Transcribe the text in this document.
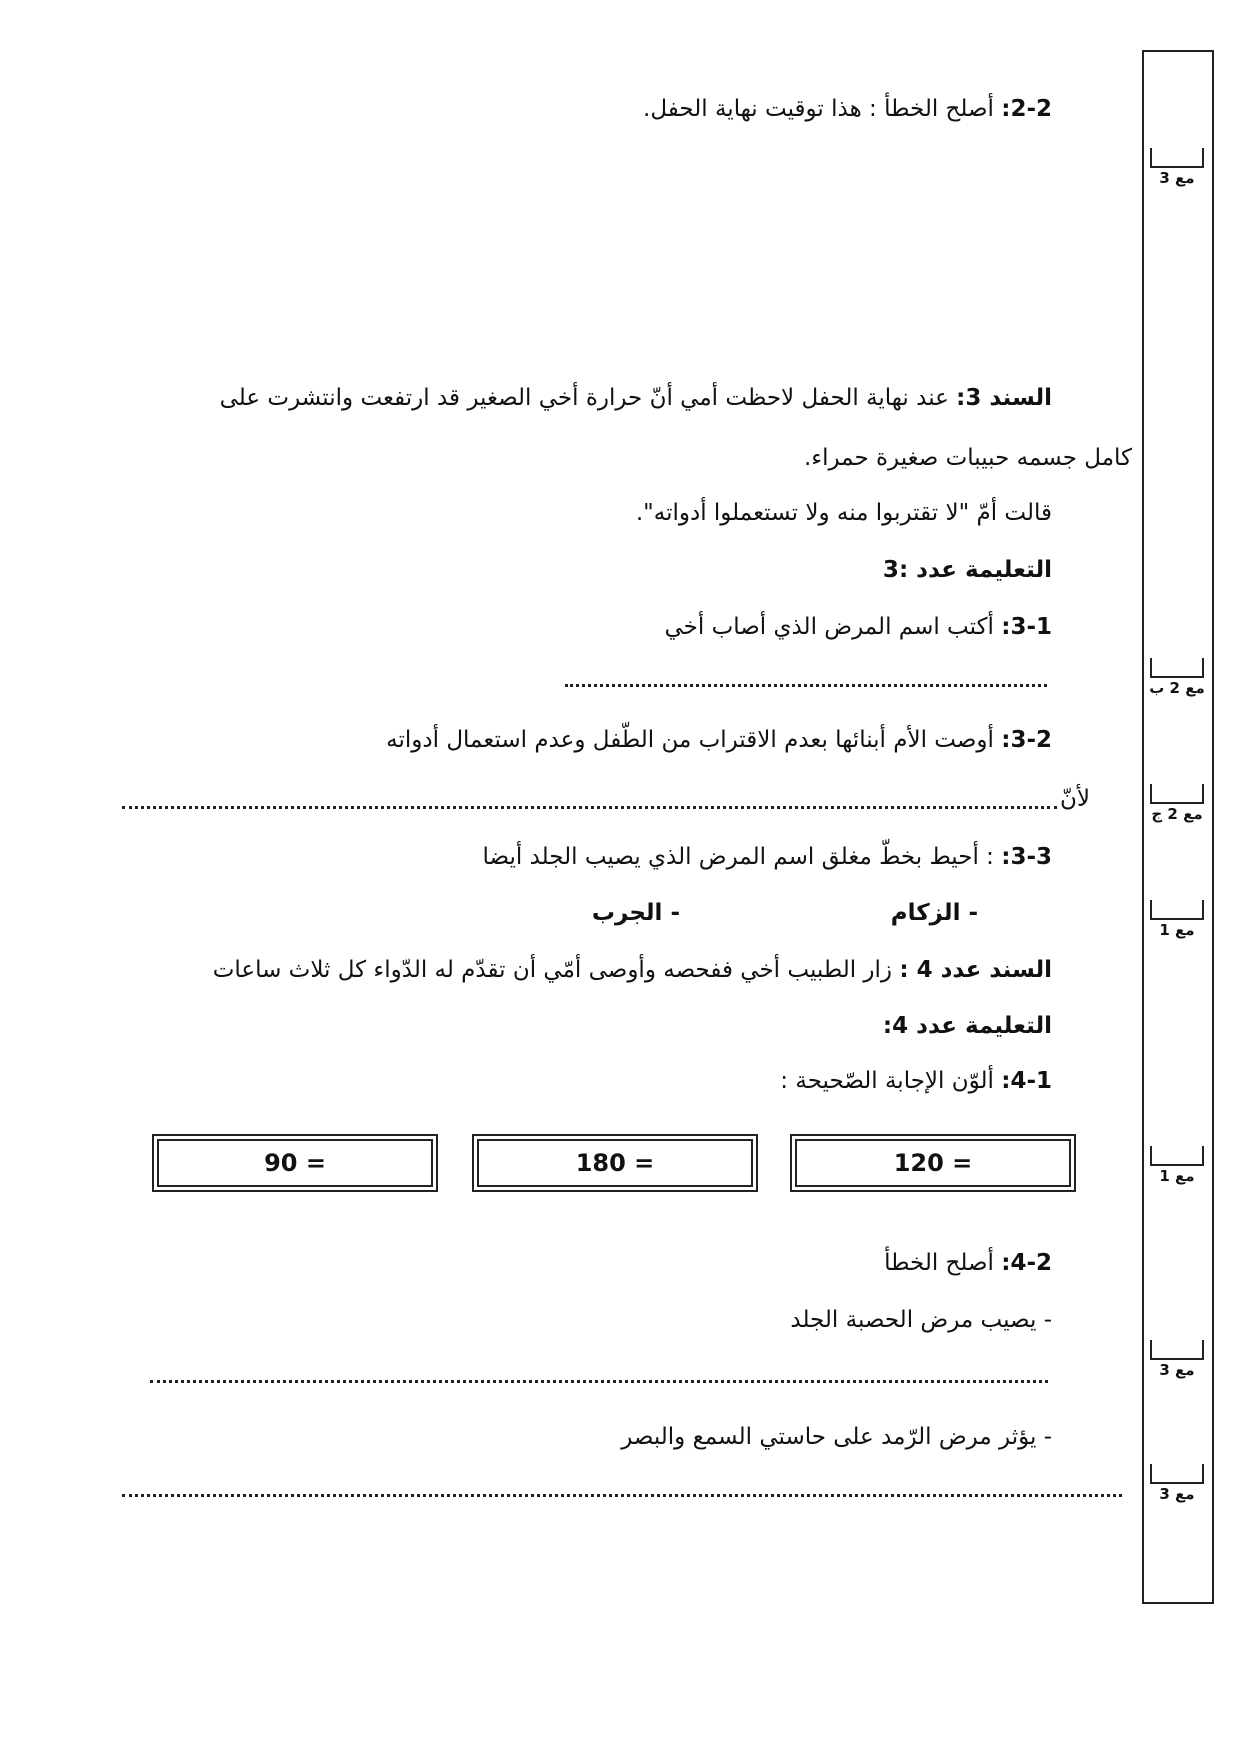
مع 3
مع 2 ب
مع 2 ج
مع 1
مع 1
مع 3
مع 3
2-2: أصلح الخطأ : هذا توقيت نهاية الحفل.
السند 3: عند نهاية الحفل لاحظت أمي أنّ حرارة أخي الصغير قد ارتفعت وانتشرت على
كامل جسمه حبيبات صغيرة حمراء.
قالت أمّ "لا تقتربوا منه ولا تستعملوا أدواته".
التعليمة عدد :3
3-1: أكتب اسم المرض الذي أصاب أخي
3-2: أوصت الأم أبنائها بعدم الاقتراب من الطّفل وعدم استعمال أدواته
لأنّ
3-3: : أحيط بخطّ مغلق اسم المرض الذي يصيب الجلد أيضا
- الزكام
- الجرب
السند عدد 4 : زار الطبيب أخي ففحصه وأوصى أمّي أن تقدّم له الدّواء كل ثلاث ساعات
التعليمة عدد 4:
4-1: ألوّن الإجابة الصّحيحة :
120 =
180 =
90 =
4-2: أصلح الخطأ
- يصيب مرض الحصبة الجلد
- يؤثر مرض الرّمد على حاستي السمع والبصر
